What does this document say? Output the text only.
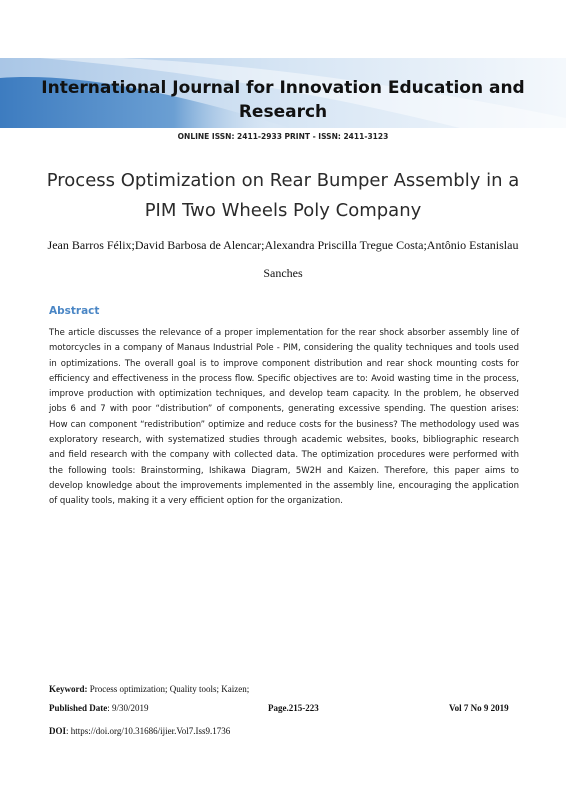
International Journal for Innovation Education and Research
ONLINE ISSN: 2411-2933 PRINT - ISSN: 2411-3123
Process Optimization on Rear Bumper Assembly in a PIM Two Wheels Poly Company
Jean Barros Félix;David Barbosa de Alencar;Alexandra Priscilla Tregue Costa;Antônio Estanislau Sanches
Abstract
The article discusses the relevance of a proper implementation for the rear shock absorber assembly line of motorcycles in a company of Manaus Industrial Pole - PIM, considering the quality techniques and tools used in optimizations. The overall goal is to improve component distribution and rear shock mounting costs for efficiency and effectiveness in the process flow. Specific objectives are to: Avoid wasting time in the process, improve production with optimization techniques, and develop team capacity. In the problem, he observed jobs 6 and 7 with poor “distribution” of components, generating excessive spending. The question arises: How can component “redistribution” optimize and reduce costs for the business? The methodology used was exploratory research, with systematized studies through academic websites, books, bibliographic research and field research with the company with collected data. The optimization procedures were performed with the following tools: Brainstorming, Ishikawa Diagram, 5W2H and Kaizen. Therefore, this paper aims to develop knowledge about the improvements implemented in the assembly line, encouraging the application of quality tools, making it a very efficient option for the organization.
Keyword: Process optimization; Quality tools; Kaizen;
Published Date: 9/30/2019	Page.215-223	Vol 7 No 9 2019
DOI: https://doi.org/10.31686/ijier.Vol7.Iss9.1736
